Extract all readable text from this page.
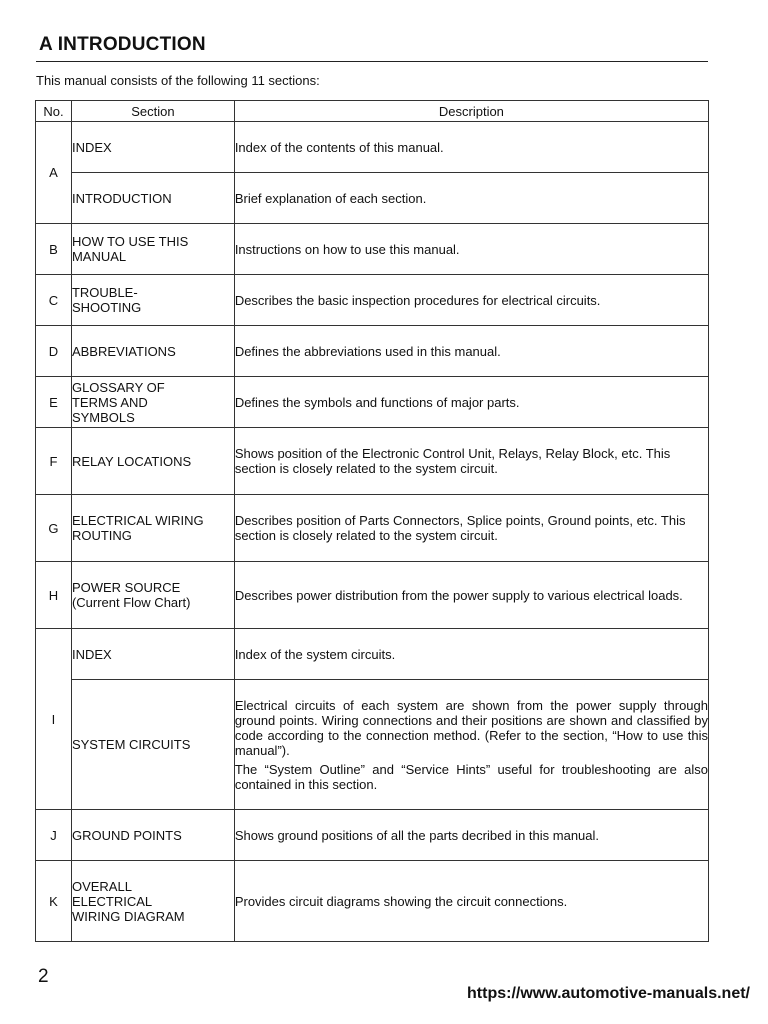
A INTRODUCTION
This manual consists of the following 11 sections:
No.	Section	Description
A	INDEX	Index of the contents of this manual.

	INTRODUCTION	Brief explanation of each section.

B	HOW TO USE THIS MANUAL	Instructions on how to use this manual.

C	TROUBLE-
SHOOTING	Describes the basic inspection procedures for electrical circuits.

D	ABBREVIATIONS	Defines the abbreviations used in this manual.

E	GLOSSARY OF TERMS AND SYMBOLS	Defines the symbols and functions of major parts.

F	RELAY LOCATIONS	Shows position of the Electronic Control Unit, Relays, Relay Block, etc. This section is closely related to the system circuit.

G	ELECTRICAL WIRING ROUTING	Describes position of Parts Connectors, Splice points, Ground points, etc. This section is closely related to the system circuit.

H	POWER SOURCE
(Current Flow Chart)	Describes power distribution from the power supply to various electrical loads.

I	INDEX	Index of the system circuits.

	SYSTEM CIRCUITS	Electrical circuits of each system are shown from the power supply through ground points. Wiring connections and their positions are shown and classified by code according to the connection method. (Refer to the section, “How to use this manual”).

The “System Outline” and “Service Hints” useful for troubleshooting are also contained in this section.

J	GROUND POINTS	Shows ground positions of all the parts decribed in this manual.

K	OVERALL ELECTRICAL WIRING DIAGRAM	Provides circuit diagrams showing the circuit connections.

2
https://www.automotive-manuals.net/
